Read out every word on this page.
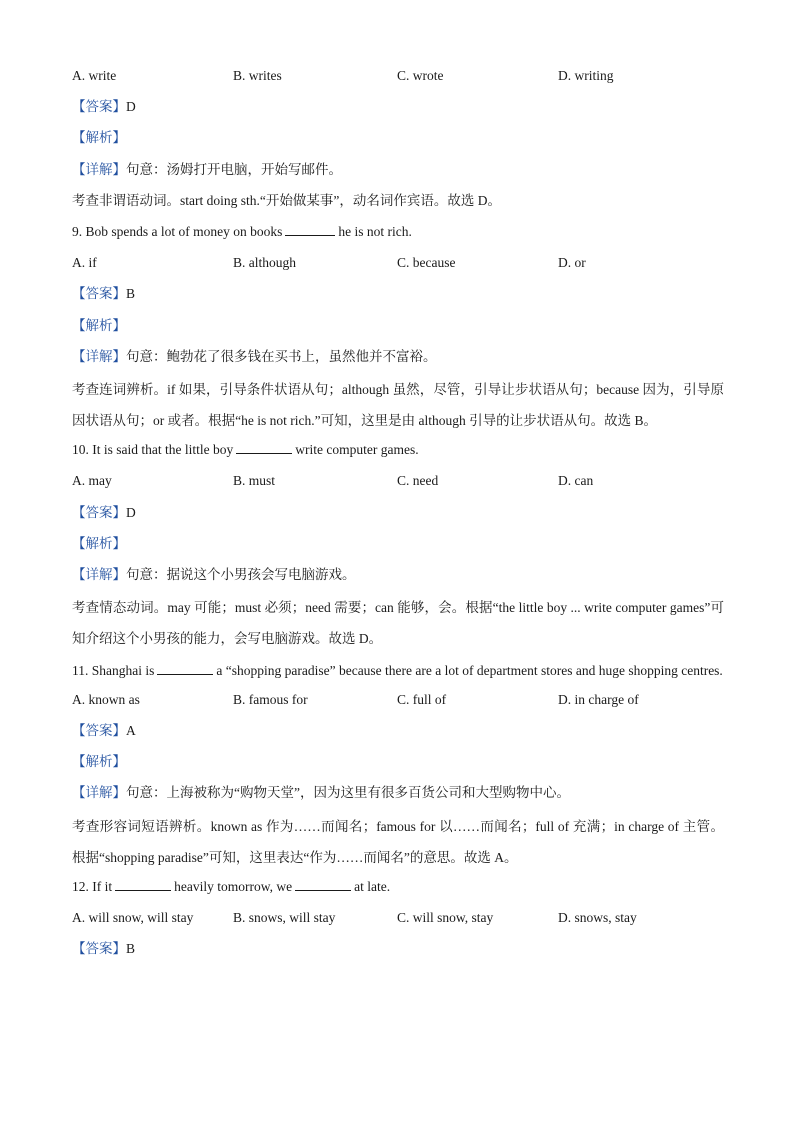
A. write	B. writes	C. wrote	D. writing
【答案】D
【解析】
【详解】句意：汤姆打开电脑，开始写邮件。
考查非谓语动词。start doing sth.“开始做某事”，动名词作宾语。故选 D。
9. Bob spends a lot of money on books	he is not rich.
A. if	B. although	C. because	D. or
【答案】B
【解析】
【详解】句意：鲍勃花了很多钱在买书上，虽然他并不富裕。
考查连词辨析。if 如果，引导条件状语从句；although 虽然，尽管，引导让步状语从句；because 因为，引导原因状语从句；or 或者。根据“he is not rich.”可知，这里是由 although 引导的让步状语从句。故选 B。
10. It is said that the little boy	write computer games.
A. may	B. must	C. need	D. can
【答案】D
【解析】
【详解】句意：据说这个小男孩会写电脑游戏。
考查情态动词。may 可能；must 必须；need 需要；can 能够，会。根据“the little boy ... write computer games”可知介绍这个小男孩的能力，会写电脑游戏。故选 D。
11. Shanghai is	a “shopping paradise” because there are a lot of department stores and huge shopping centres.
A. known as	B. famous for	C. full of	D. in charge of
【答案】A
【解析】
【详解】句意：上海被称为“购物天堂”，因为这里有很多百货公司和大型购物中心。
考查形容词短语辨析。known as 作为……而闻名；famous for 以……而闻名；full of 充满；in charge of 主管。根据“shopping paradise”可知，这里表达“作为……而闻名”的意思。故选 A。
12. If it	heavily tomorrow, we	at late.
A. will snow, will stay	B. snows, will stay	C. will snow, stay	D. snows, stay
【答案】B
